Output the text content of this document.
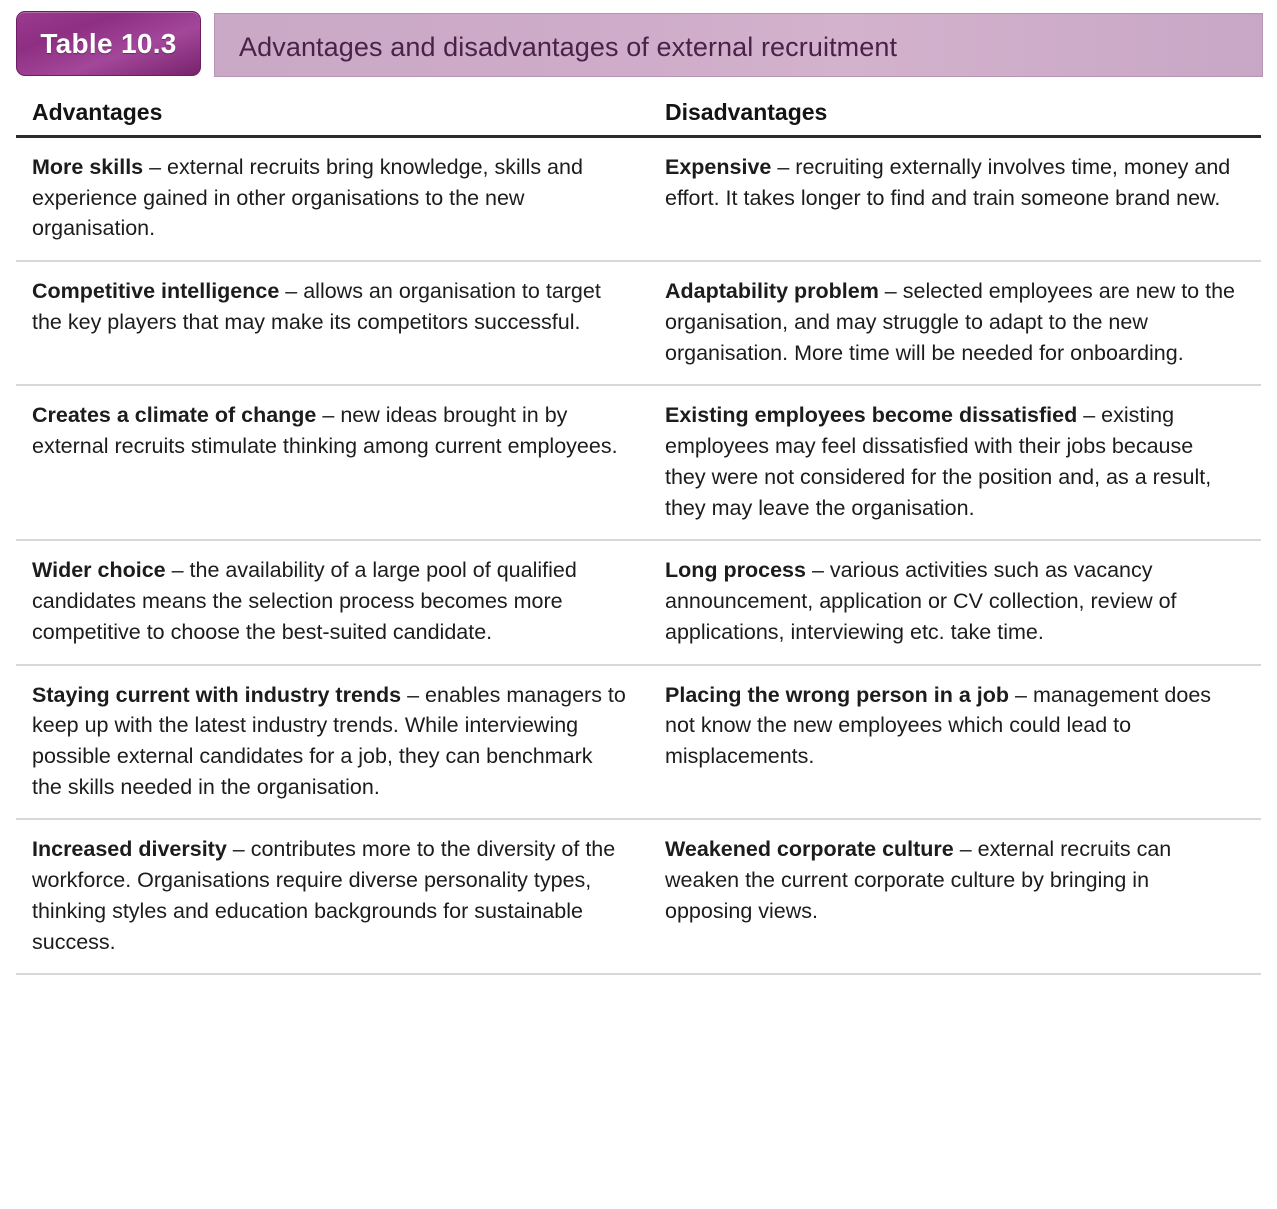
Table 10.3 Advantages and disadvantages of external recruitment
Advantages	Disadvantages
More skills – external recruits bring knowledge, skills and experience gained in other organisations to the new organisation.	Expensive – recruiting externally involves time, money and effort. It takes longer to find and train someone brand new.
Competitive intelligence – allows an organisation to target the key players that may make its competitors successful.	Adaptability problem – selected employees are new to the organisation, and may struggle to adapt to the new organisation. More time will be needed for onboarding.
Creates a climate of change – new ideas brought in by external recruits stimulate thinking among current employees.	Existing employees become dissatisfied – existing employees may feel dissatisfied with their jobs because they were not considered for the position and, as a result, they may leave the organisation.
Wider choice – the availability of a large pool of qualified candidates means the selection process becomes more competitive to choose the best-suited candidate.	Long process – various activities such as vacancy announcement, application or CV collection, review of applications, interviewing etc. take time.
Staying current with industry trends – enables managers to keep up with the latest industry trends. While interviewing possible external candidates for a job, they can benchmark the skills needed in the organisation.	Placing the wrong person in a job – management does not know the new employees which could lead to misplacements.
Increased diversity – contributes more to the diversity of the workforce. Organisations require diverse personality types, thinking styles and education backgrounds for sustainable success.	Weakened corporate culture – external recruits can weaken the current corporate culture by bringing in opposing views.
